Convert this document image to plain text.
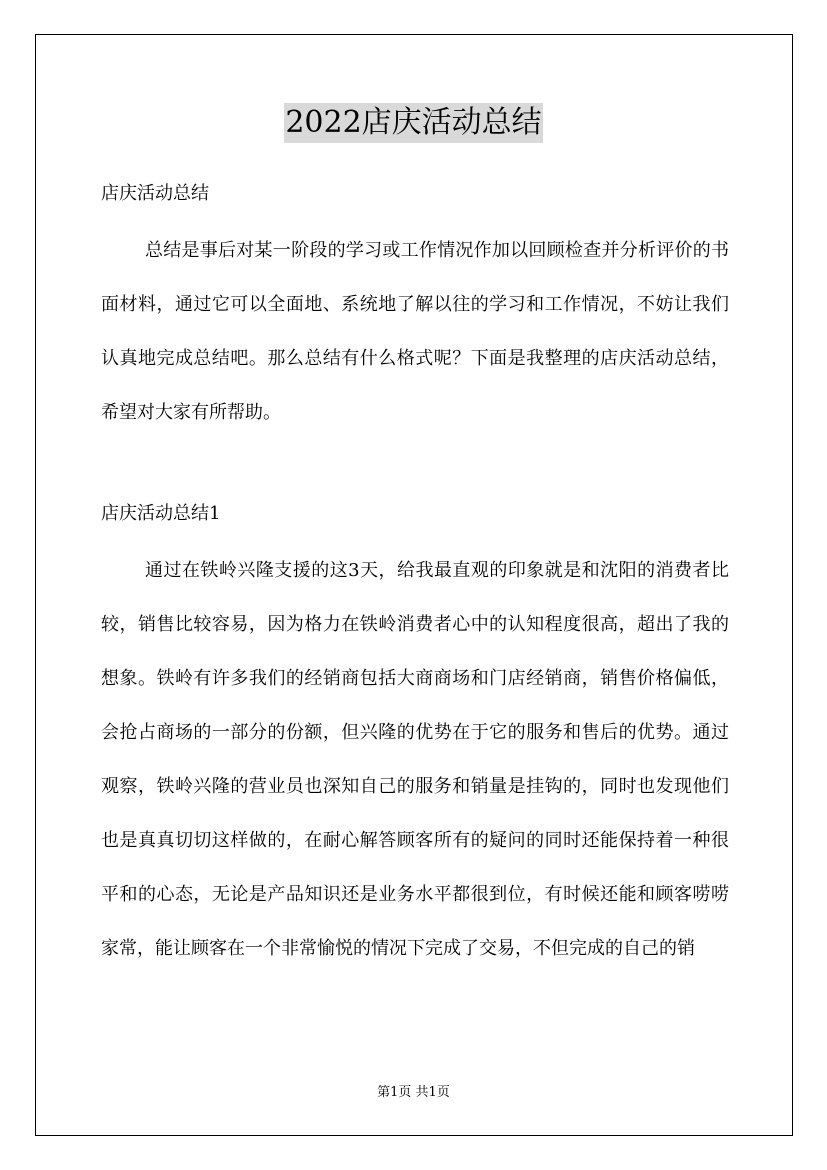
2022店庆活动总结
店庆活动总结

总结是事后对某一阶段的学习或工作情况作加以回顾检查并分析评价的书面材料，通过它可以全面地、系统地了解以往的学习和工作情况，不妨让我们认真地完成总结吧。那么总结有什么格式呢？下面是我整理的店庆活动总结，希望对大家有所帮助。

店庆活动总结1

通过在铁岭兴隆支援的这3天，给我最直观的印象就是和沈阳的消费者比较，销售比较容易，因为格力在铁岭消费者心中的认知程度很高，超出了我的想象。铁岭有许多我们的经销商包括大商商场和门店经销商，销售价格偏低，会抢占商场的一部分的份额，但兴隆的优势在于它的服务和售后的优势。通过观察，铁岭兴隆的营业员也深知自己的服务和销量是挂钩的，同时也发现他们也是真真切切这样做的，在耐心解答顾客所有的疑问的同时还能保持着一种很平和的心态，无论是产品知识还是业务水平都很到位，有时候还能和顾客唠唠家常，能让顾客在一个非常愉悦的情况下完成了交易，不但完成的自己的销

第1页 共1页
